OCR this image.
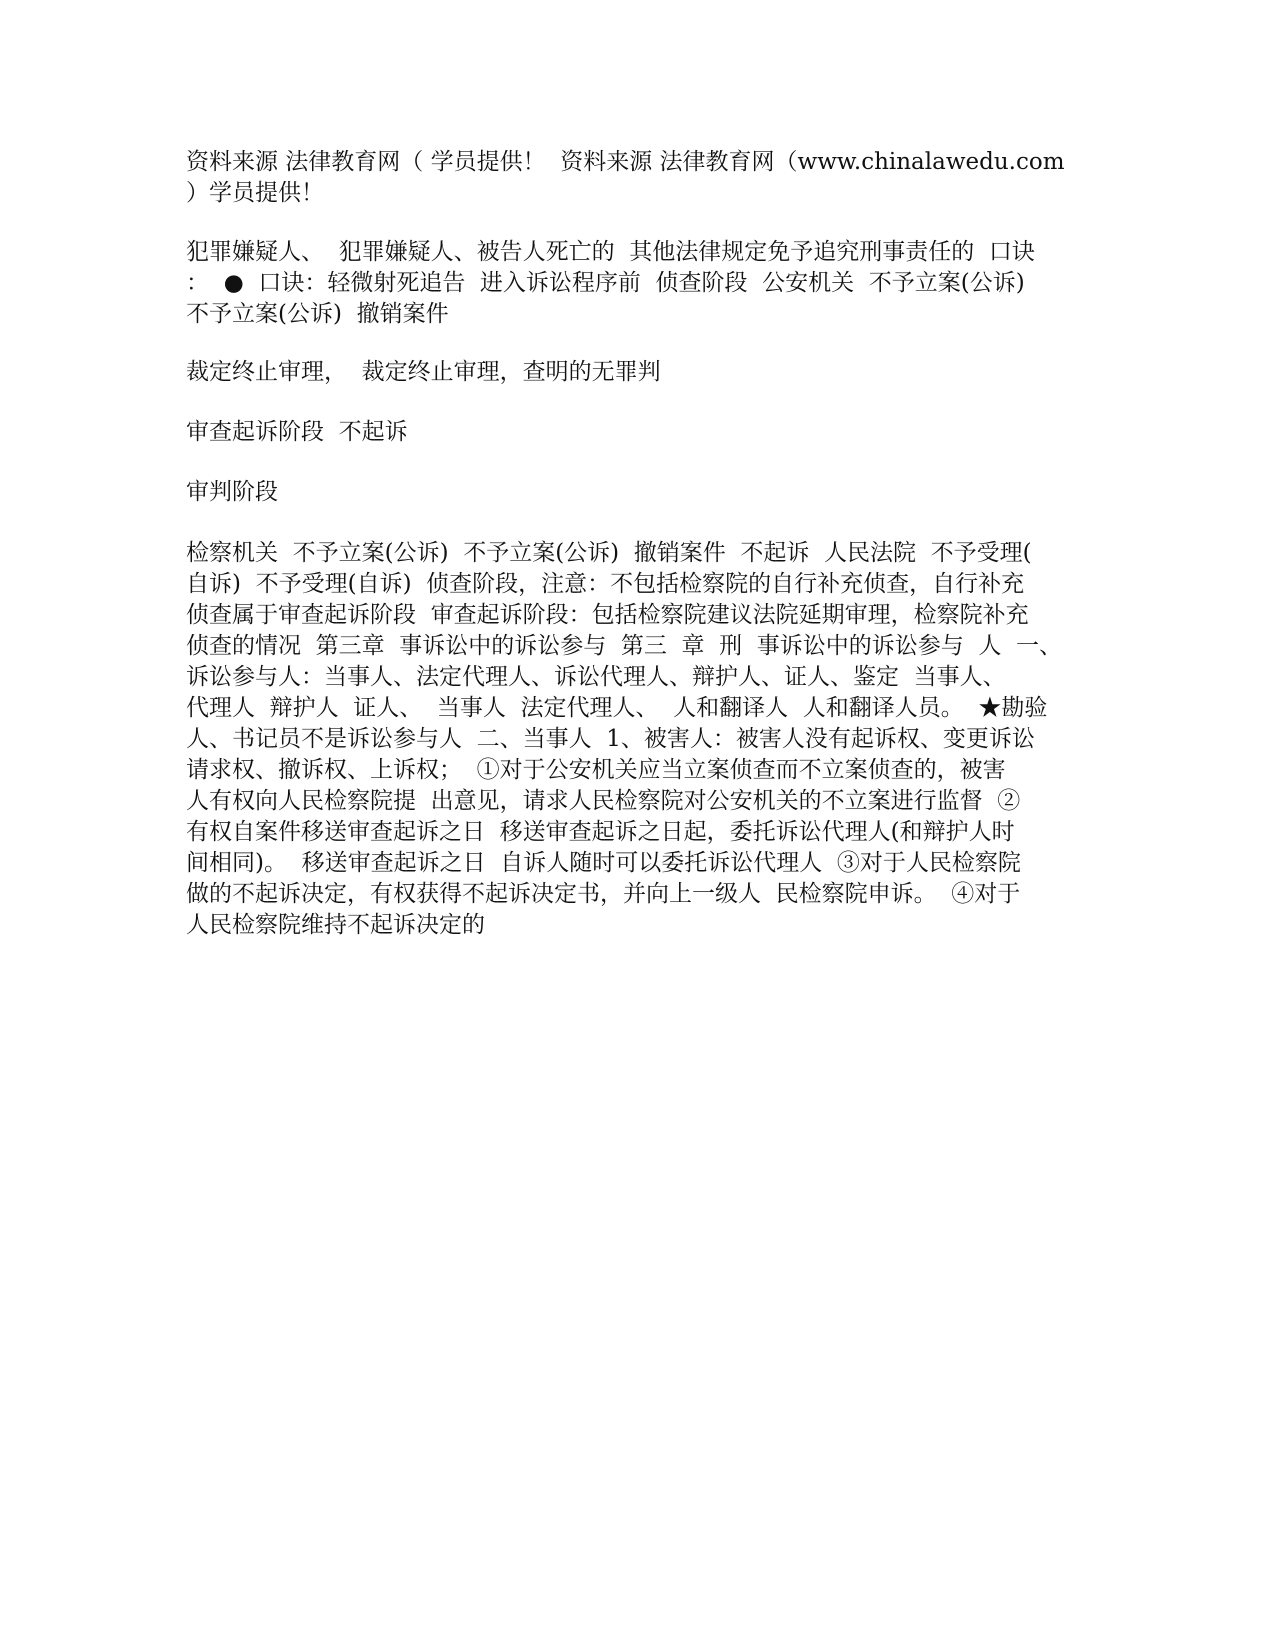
资料来源 法律教育网（ 学员提供！  资料来源 法律教育网（www.chinalawedu.com
）学员提供！

犯罪嫌疑人、  犯罪嫌疑人、被告人死亡的  其他法律规定免予追究刑事责任的  口诀
：  ●  口诀：轻微射死追告  进入诉讼程序前  侦查阶段  公安机关  不予立案(公诉)
不予立案(公诉)  撤销案件

裁定终止审理，  裁定终止审理，查明的无罪判

审查起诉阶段  不起诉

审判阶段

检察机关  不予立案(公诉)  不予立案(公诉)  撤销案件  不起诉  人民法院  不予受理(
自诉)  不予受理(自诉)  侦查阶段，注意：不包括检察院的自行补充侦查，自行补充
侦查属于审查起诉阶段  审查起诉阶段：包括检察院建议法院延期审理，检察院补充
侦查的情况  第三章  事诉讼中的诉讼参与  第三  章  刑  事诉讼中的诉讼参与  人  一、
诉讼参与人：当事人、法定代理人、诉讼代理人、辩护人、证人、鉴定  当事人、
代理人  辩护人  证人、  当事人  法定代理人、  人和翻译人  人和翻译人员。  ★勘验
人、书记员不是诉讼参与人  二、当事人  1、被害人：被害人没有起诉权、变更诉讼
请求权、撤诉权、上诉权；  ①对于公安机关应当立案侦查而不立案侦查的，被害
人有权向人民检察院提  出意见，请求人民检察院对公安机关的不立案进行监督  ②
有权自案件移送审查起诉之日  移送审查起诉之日起，委托诉讼代理人(和辩护人时
间相同)。  移送审查起诉之日  自诉人随时可以委托诉讼代理人  ③对于人民检察院
做的不起诉决定，有权获得不起诉决定书，并向上一级人  民检察院申诉。  ④对于
人民检察院维持不起诉决定的
